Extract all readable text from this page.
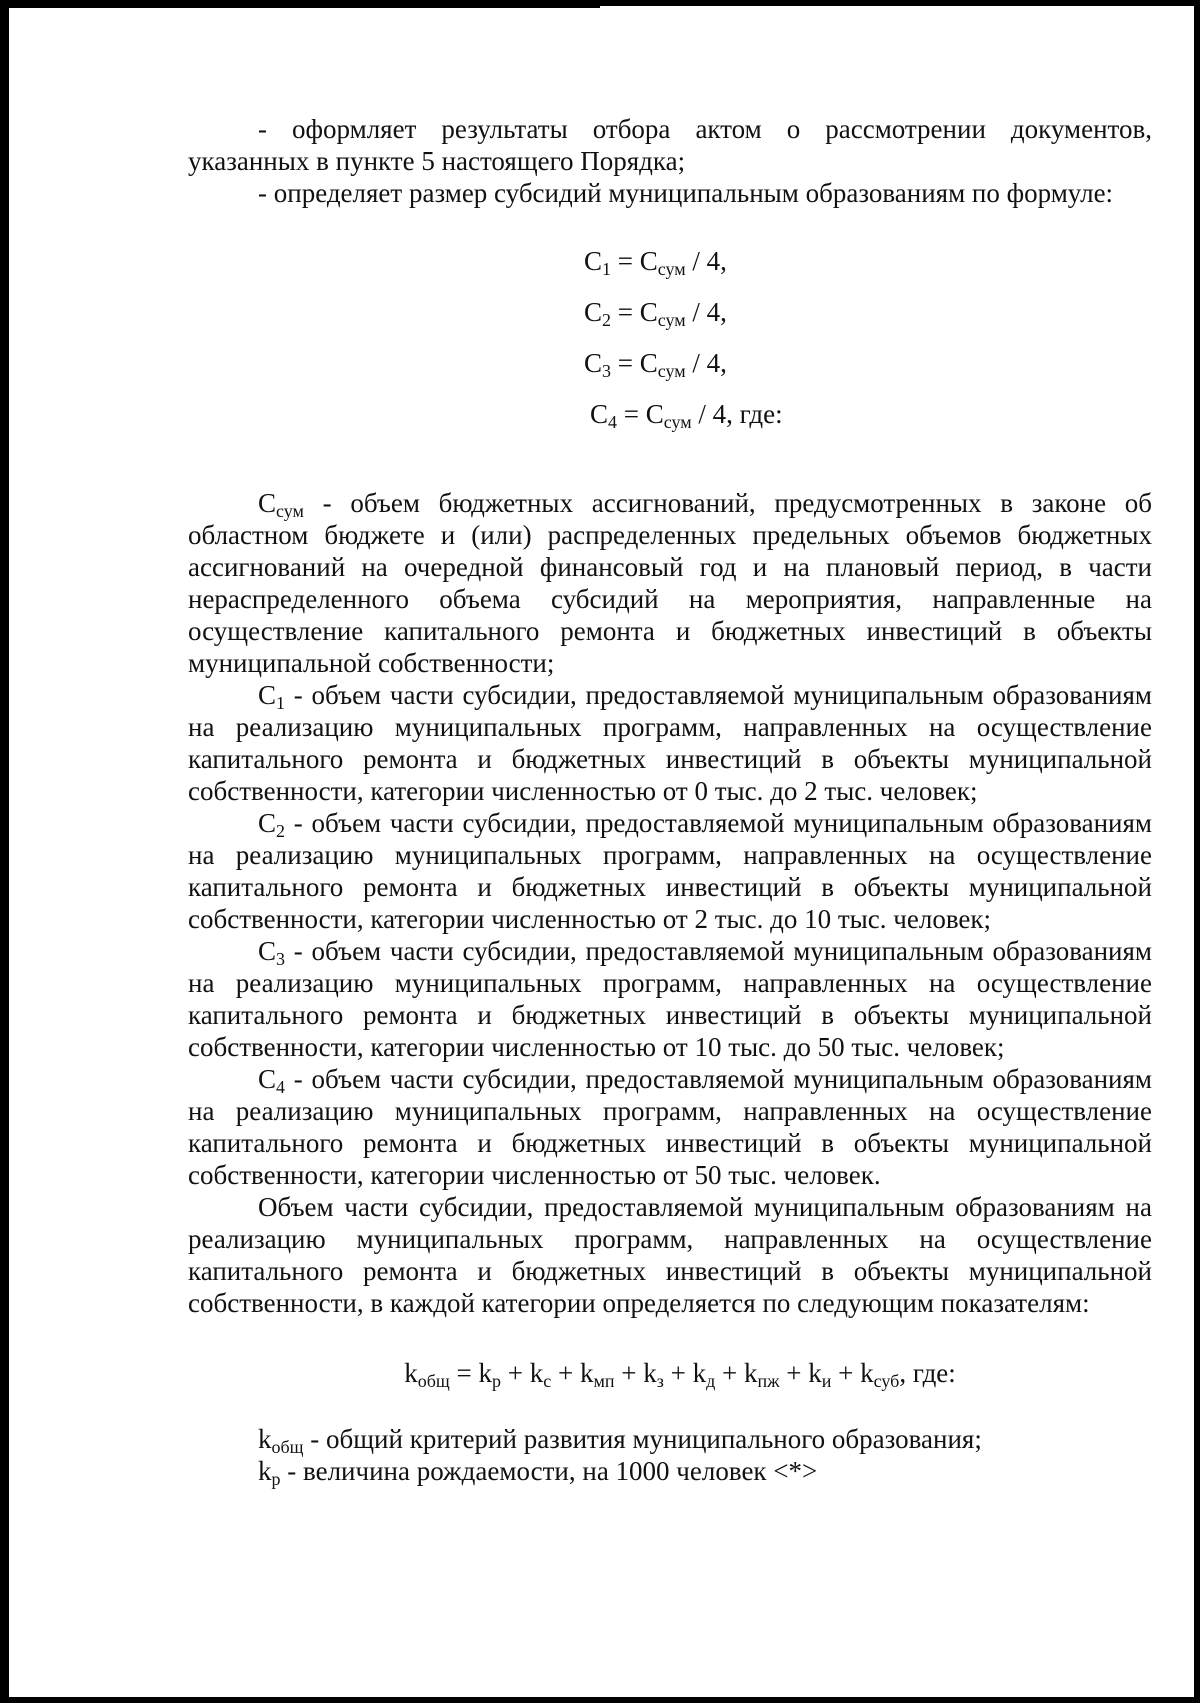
- оформляет результаты отбора актом о рассмотрении документов, указанных в пункте 5 настоящего Порядка;

- определяет размер субсидий муниципальным образованиям по формуле:

$С_1 = С_{сум} / 4$,
$С_2 = С_{сум} / 4$,
$С_3 = С_{сум} / 4$,
$С_4 = С_{сум} / 4$, где:

$С_{сум}$ - объем бюджетных ассигнований, предусмотренных в законе об областном бюджете и (или) распределенных предельных объемов бюджетных ассигнований на очередной финансовый год и на плановый период, в части нераспределенного объема субсидий на мероприятия, направленные на осуществление капитального ремонта и бюджетных инвестиций в объекты муниципальной собственности;

$С_1$ - объем части субсидии, предоставляемой муниципальным образованиям на реализацию муниципальных программ, направленных на осуществление капитального ремонта и бюджетных инвестиций в объекты муниципальной собственности, категории численностью от 0 тыс. до 2 тыс. человек;

$С_2$ - объем части субсидии, предоставляемой муниципальным образованиям на реализацию муниципальных программ, направленных на осуществление капитального ремонта и бюджетных инвестиций в объекты муниципальной собственности, категории численностью от 2 тыс. до 10 тыс. человек;

$С_3$ - объем части субсидии, предоставляемой муниципальным образованиям на реализацию муниципальных программ, направленных на осуществление капитального ремонта и бюджетных инвестиций в объекты муниципальной собственности, категории численностью от 10 тыс. до 50 тыс. человек;

$С_4$ - объем части субсидии, предоставляемой муниципальным образованиям на реализацию муниципальных программ, направленных на осуществление капитального ремонта и бюджетных инвестиций в объекты муниципальной собственности, категории численностью от 50 тыс. человек.

Объем части субсидии, предоставляемой муниципальным образованиям на реализацию муниципальных программ, направленных на осуществление капитального ремонта и бюджетных инвестиций в объекты муниципальной собственности, в каждой категории определяется по следующим показателям:

$k_{общ} = k_р + k_с + k_{мп} + k_з + k_д + k_{пж} + k_и + k_{суб}$, где:

$k_{общ}$ - общий критерий развития муниципального образования;

$k_р$ - величина рождаемости, на 1000 человек <*>
